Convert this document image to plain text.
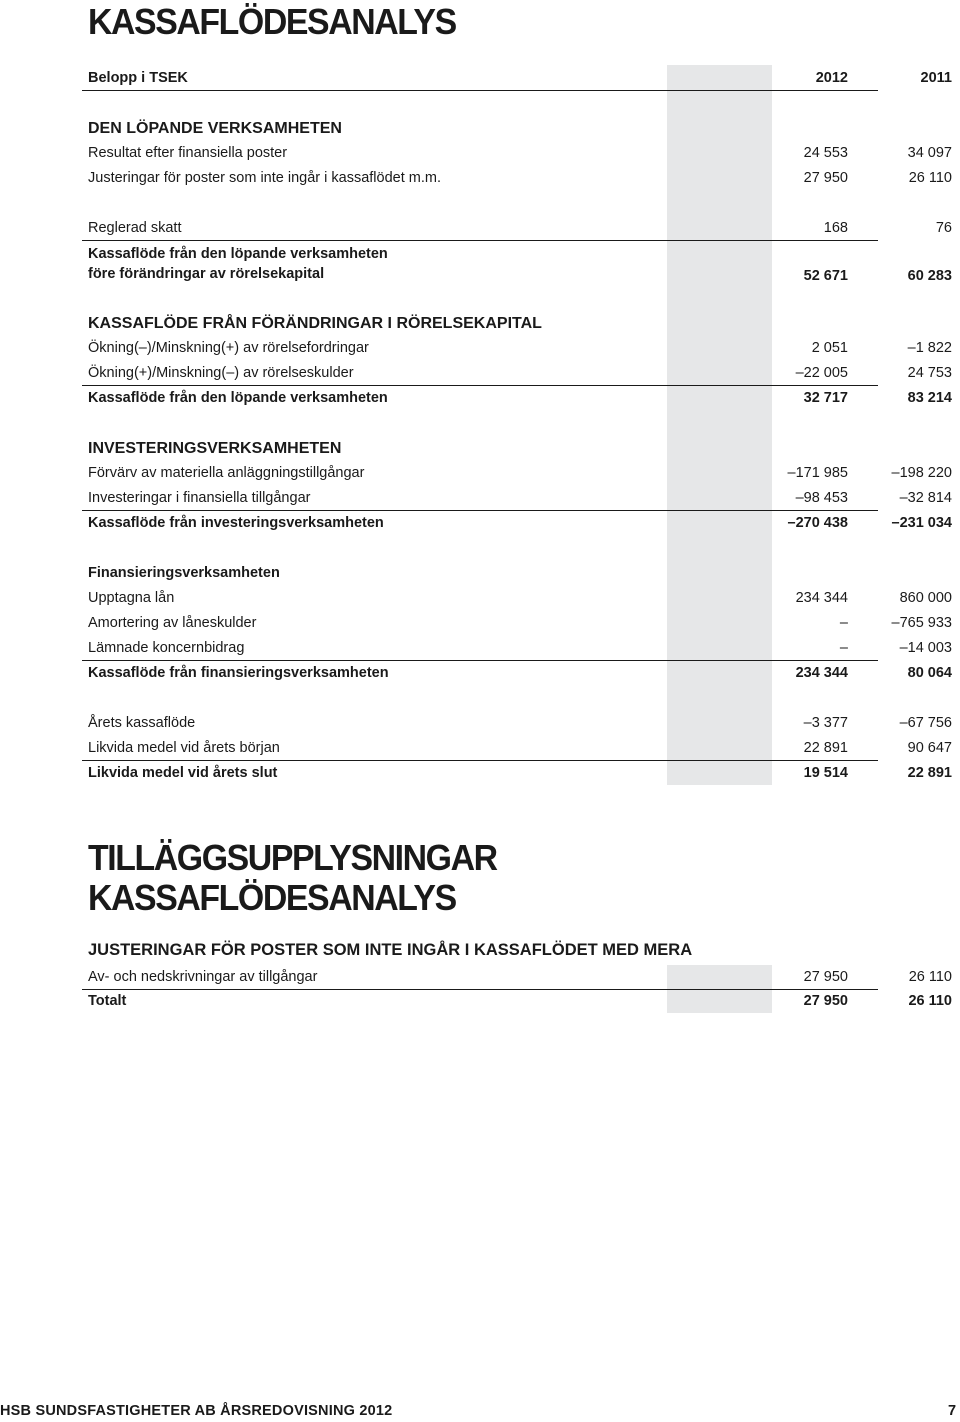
KASSAFLÖDESANALYS
Belopp i TSEK	2012	2011
DEN LÖPANDE VERKSAMHETEN
Resultat efter finansiella poster	24 553	34 097
Justeringar för poster som inte ingår i kassaflödet m.m.	27 950	26 110
Reglerad skatt	168	76
Kassaflöde från den löpande verksamheten
före förändringar av rörelsekapital	52 671	60 283
KASSAFLÖDE FRÅN FÖRÄNDRINGAR I RÖRELSEKAPITAL
Ökning(–)/Minskning(+) av rörelsefordringar	2 051	–1 822
Ökning(+)/Minskning(–) av rörelseskulder	–22 005	24 753
Kassaflöde från den löpande verksamheten	32 717	83 214
INVESTERINGSVERKSAMHETEN
Förvärv av materiella anläggningstillgångar	–171 985	–198 220
Investeringar i finansiella tillgångar	–98 453	–32 814
Kassaflöde från investeringsverksamheten	–270 438	–231 034
Finansieringsverksamheten
Upptagna lån	234 344	860 000
Amortering av låneskulder	–	–765 933
Lämnade koncernbidrag	–	–14 003
Kassaflöde från finansieringsverksamheten	234 344	80 064
Årets kassaflöde	–3 377	–67 756
Likvida medel vid årets början	22 891	90 647
Likvida medel vid årets slut	19 514	22 891
TILLÄGGSUPPLYSNINGAR
KASSAFLÖDESANALYS
JUSTERINGAR FÖR POSTER SOM INTE INGÅR I KASSAFLÖDET MED MERA
Av- och nedskrivningar av tillgångar	27 950	26 110
Totalt	27 950	26 110
HSB SUNDSFASTIGHETER AB ÅRSREDOVISNING 2012	7
